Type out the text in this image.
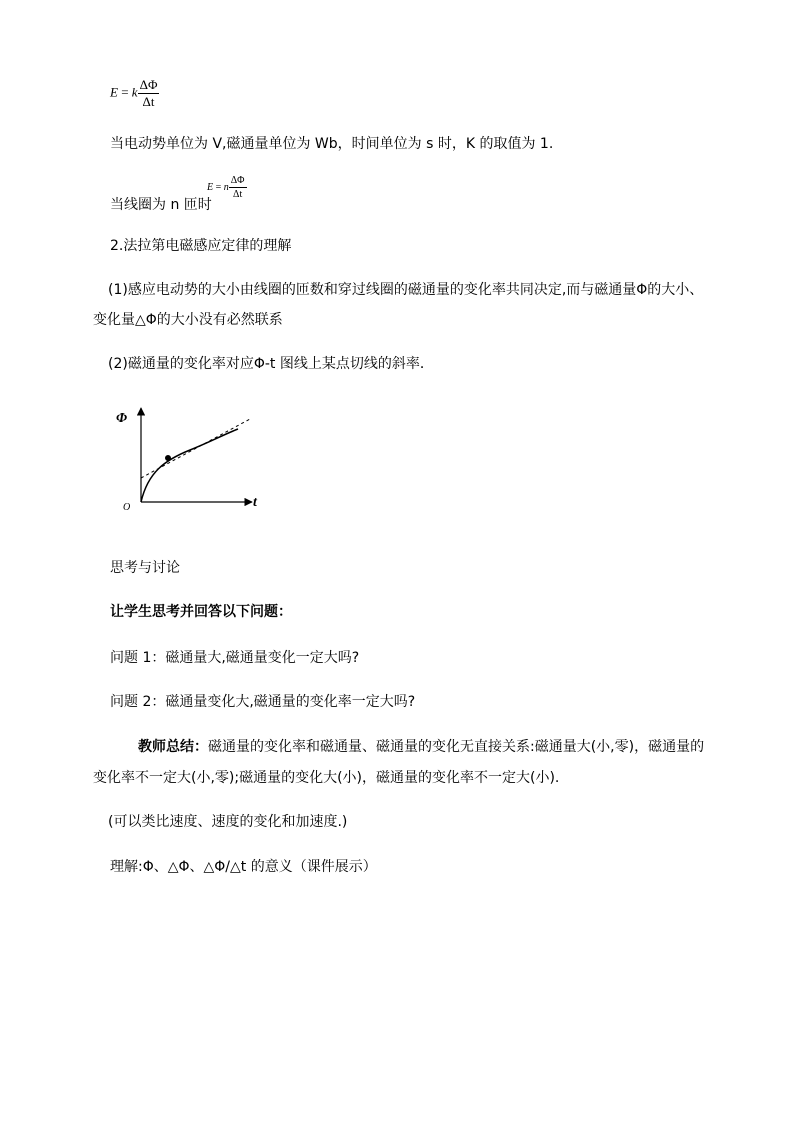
E = k $\frac{\Delta\Phi}{\Delta t}$
当电动势单位为 V,磁通量单位为 Wb，时间单位为 s 时，K 的取值为 1.
当线圈为 n 匝时
E = n $\frac{\Delta\Phi}{\Delta t}$
2.法拉第电磁感应定律的理解
(1)感应电动势的大小由线圈的匝数和穿过线圈的磁通量的变化率共同决定,而与磁通量Φ的大小、
变化量△Φ的大小没有必然联系
(2)磁通量的变化率对应Φ-t 图线上某点切线的斜率．
Φ
t
O
思考与讨论
让学生思考并回答以下问题：
问题 1：磁通量大,磁通量变化一定大吗?
问题 2：磁通量变化大,磁通量的变化率一定大吗?
教师总结：磁通量的变化率和磁通量、磁通量的变化无直接关系:磁通量大(小,零)，磁通量的
变化率不一定大(小,零);磁通量的变化大(小)，磁通量的变化率不一定大(小).
(可以类比速度、速度的变化和加速度.)
理解:Φ、△Φ、△Φ/△t 的意义（课件展示）
